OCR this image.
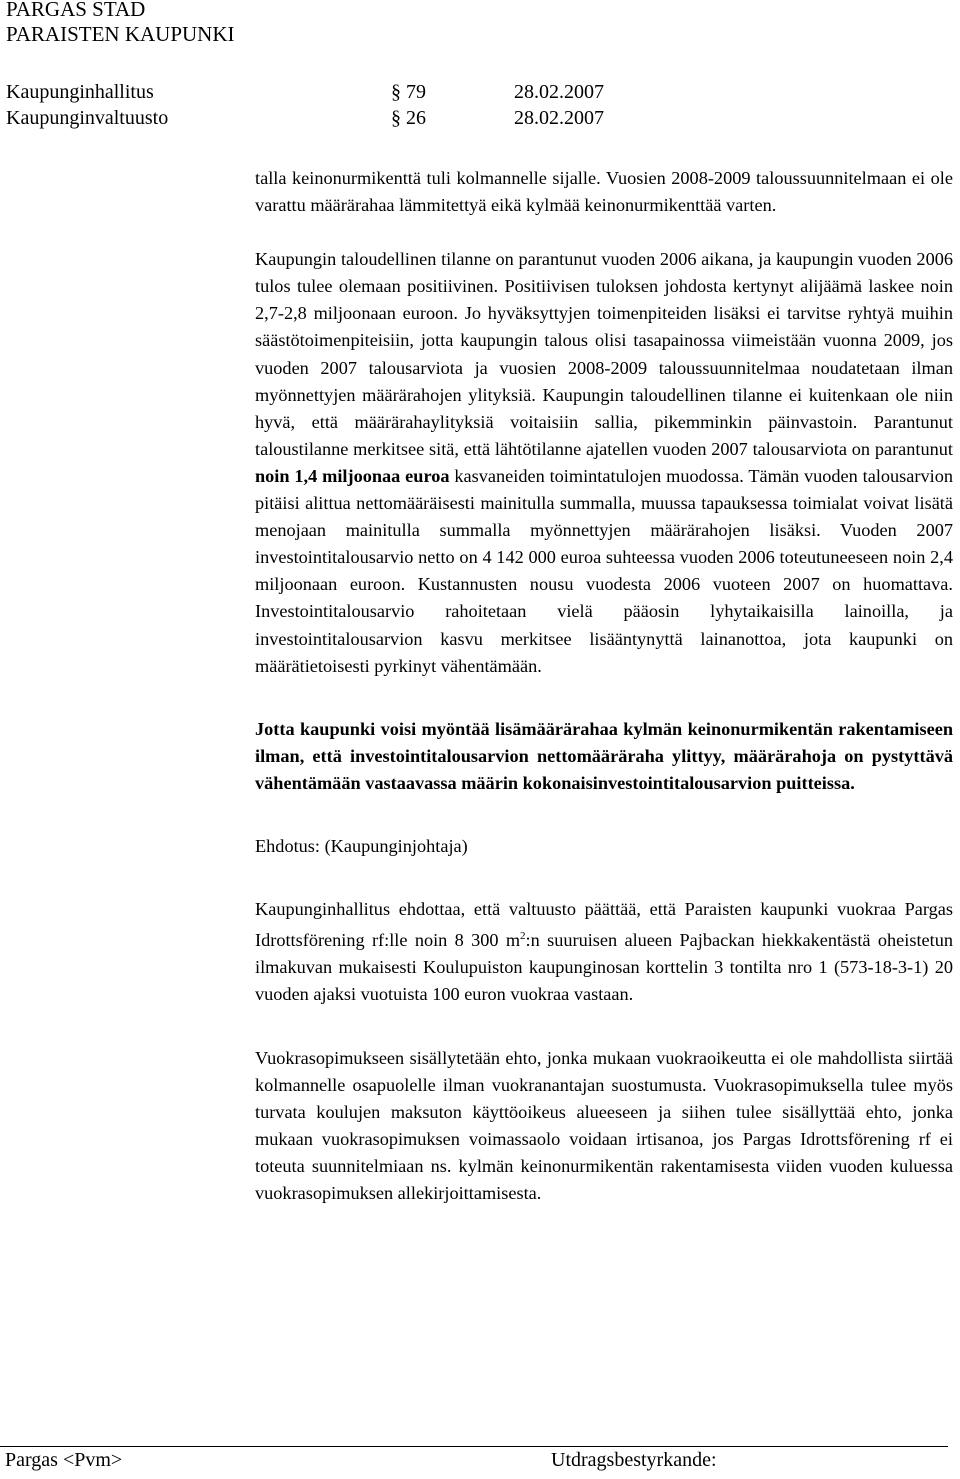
PARGAS STAD
PARAISTEN KAUPUNKI
Kaupunginhallitus	§ 79	28.02.2007
Kaupunginvaltuusto	§ 26	28.02.2007

talla keinonurmikenttä tuli kolmannelle sijalle. Vuosien 2008-2009 taloussuunnitelmaan ei ole varattu määrärahaa lämmitettyä eikä kylmää keinonurmikenttää varten.

Kaupungin taloudellinen tilanne on parantunut vuoden 2006 aikana, ja kaupungin vuoden 2006 tulos tulee olemaan positiivinen. Positiivisen tuloksen johdosta kertynyt alijäämä laskee noin 2,7-2,8 miljoonaan euroon. Jo hyväksyttyjen toimenpiteiden lisäksi ei tarvitse ryhtyä muihin säästötoimenpiteisiin, jotta kaupungin talous olisi tasapainossa viimeistään vuonna 2009, jos vuoden 2007 talousarviota ja vuosien 2008-2009 taloussuunnitelmaa noudatetaan ilman myönnettyjen määrärahojen ylityksiä. Kaupungin taloudellinen tilanne ei kuitenkaan ole niin hyvä, että määrärahaylityksiä voitaisiin sallia, pikemminkin päinvastoin. Parantunut taloustilanne merkitsee sitä, että lähtötilanne ajatellen vuoden 2007 talousarviota on parantunut noin 1,4 miljoonaa euroa kasvaneiden toimintatulojen muodossa. Tämän vuoden talousarvion pitäisi alittua nettomääräisesti mainitulla summalla, muussa tapauksessa toimialat voivat lisätä menojaan mainitulla summalla myönnettyjen määrärahojen lisäksi. Vuoden 2007 investointitalousarvio netto on 4 142 000 euroa suhteessa vuoden 2006 toteutuneeseen noin 2,4 miljoonaan euroon. Kustannusten nousu vuodesta 2006 vuoteen 2007 on huomattava. Investointitalousarvio rahoitetaan vielä pääosin lyhytaikaisilla lainoilla, ja investointitalousarvion kasvu merkitsee lisääntynyttä lainanottoa, jota kaupunki on määrätietoisesti pyrkinyt vähentämään.

Jotta kaupunki voisi myöntää lisämäärärahaa kylmän keinonurmikentän rakentamiseen ilman, että investointitalousarvion nettomääräraha ylittyy, määrärahoja on pystyttävä vähentämään vastaavassa määrin kokonaisinvestointitalousarvion puitteissa.

Ehdotus: (Kaupunginjohtaja)

Kaupunginhallitus ehdottaa, että valtuusto päättää, että Paraisten kaupunki vuokraa Pargas Idrottsförening rf:lle noin 8 300 $m^2:n$ suuruisen alueen Pajbackan hiekkakentästä oheistetun ilmakuvan mukaisesti Koulupuiston kaupunginosan korttelin 3 tontilta nro 1 (573-18-3-1) 20 vuoden ajaksi vuotuista 100 euron vuokraa vastaan.

Vuokrasopimukseen sisällytetään ehto, jonka mukaan vuokraoikeutta ei ole mahdollista siirtää kolmannelle osapuolelle ilman vuokranantajan suostumusta. Vuokrasopimuksella tulee myös turvata koulujen maksuton käyttöoikeus alueeseen ja siihen tulee sisällyttää ehto, jonka mukaan vuokrasopimuksen voimassaolo voidaan irtisanoa, jos Pargas Idrottsförening rf ei toteuta suunnitelmiaan ns. kylmän keinonurmikentän rakentamisesta viiden vuoden kuluessa vuokrasopimuksen allekirjoittamisesta.

Pargas <Pvm>	Utdragsbestyrkande:
